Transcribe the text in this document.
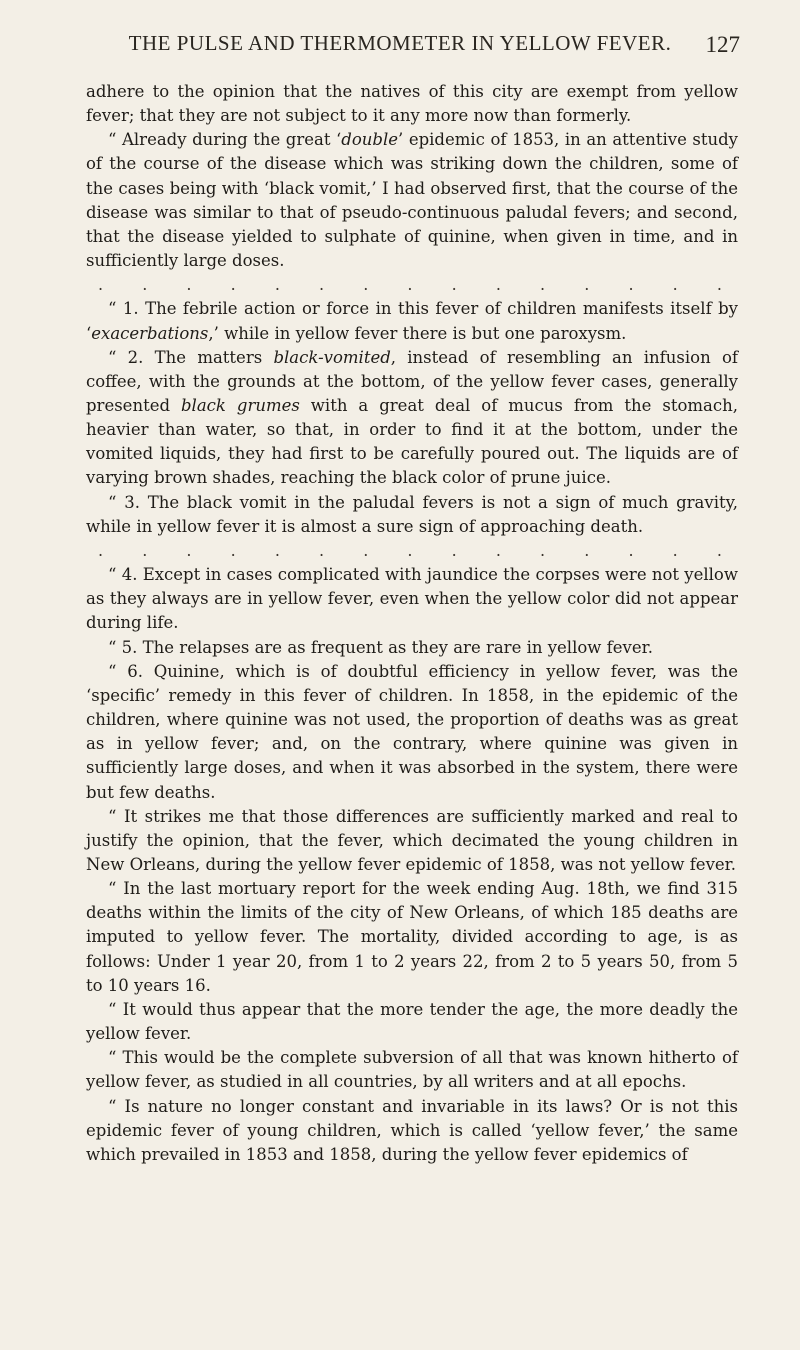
THE PULSE AND THERMOMETER IN YELLOW FEVER.	127

adhere to the opinion that the natives of this city are exempt from yellow fever; that they are not subject to it any more now than formerly.

“ Already during the great ‘double’ epidemic of 1853, in an attentive study of the course of the disease which was striking down the children, some of the cases being with ‘black vomit,’ I had observed first, that the course of the disease was similar to that of pseudo-continuous paludal fevers; and second, that the disease yielded to sulphate of quinine, when given in time, and in sufficiently large doses.

. . . . . . . . . . . . . . .

“ 1. The febrile action or force in this fever of children manifests itself by ‘exacerbations,’ while in yellow fever there is but one paroxysm.

“ 2. The matters black-vomited, instead of resembling an infusion of coffee, with the grounds at the bottom, of the yellow fever cases, generally presented black grumes with a great deal of mucus from the stomach, heavier than water, so that, in order to find it at the bottom, under the vomited liquids, they had first to be carefully poured out. The liquids are of varying brown shades, reaching the black color of prune juice.

“ 3. The black vomit in the paludal fevers is not a sign of much gravity, while in yellow fever it is almost a sure sign of approaching death.

. . . . . . . . . . . . . . .

“ 4. Except in cases complicated with jaundice the corpses were not yellow as they always are in yellow fever, even when the yellow color did not appear during life.

“ 5. The relapses are as frequent as they are rare in yellow fever.

“ 6. Quinine, which is of doubtful efficiency in yellow fever, was the ‘specific’ remedy in this fever of children. In 1858, in the epidemic of the children, where quinine was not used, the proportion of deaths was as great as in yellow fever; and, on the contrary, where quinine was given in sufficiently large doses, and when it was absorbed in the system, there were but few deaths.

“ It strikes me that those differences are sufficiently marked and real to justify the opinion, that the fever, which decimated the young children in New Orleans, during the yellow fever epidemic of 1858, was not yellow fever.

“ In the last mortuary report for the week ending Aug. 18th, we find 315 deaths within the limits of the city of New Orleans, of which 185 deaths are imputed to yellow fever. The mortality, divided according to age, is as follows: Under 1 year 20, from 1 to 2 years 22, from 2 to 5 years 50, from 5 to 10 years 16.

“ It would thus appear that the more tender the age, the more deadly the yellow fever.

“ This would be the complete subversion of all that was known hitherto of yellow fever, as studied in all countries, by all writers and at all epochs.

“ Is nature no longer constant and invariable in its laws? Or is not this epidemic fever of young children, which is called ‘yellow fever,’ the same which prevailed in 1853 and 1858, during the yellow fever epidemics of
